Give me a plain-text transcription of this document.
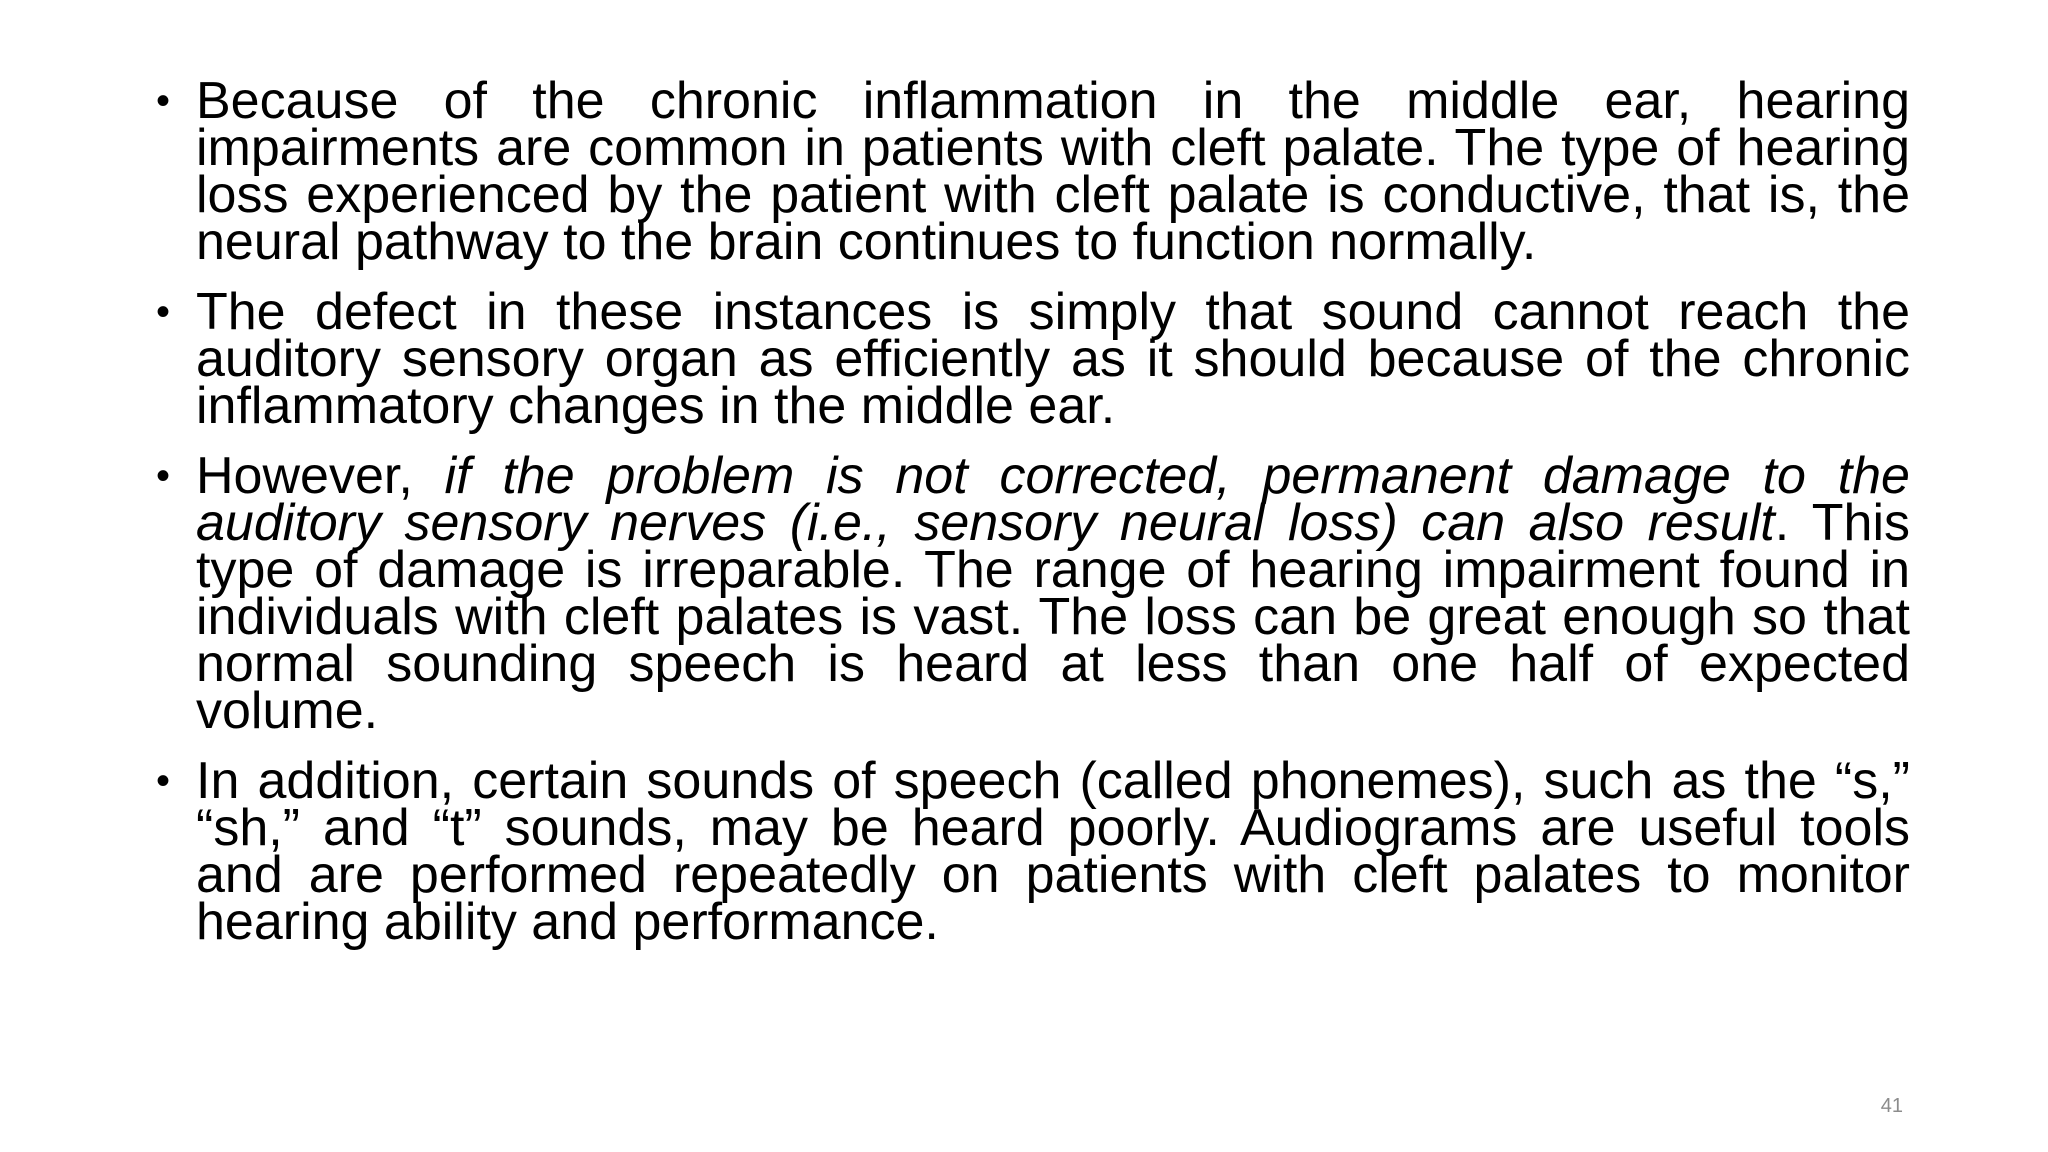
• Because of the chronic inflammation in the middle ear, hearing impairments are common in patients with cleft palate. The type of hearing loss experienced by the patient with cleft palate is conductive, that is, the neural pathway to the brain continues to function normally.
• The defect in these instances is simply that sound cannot reach the auditory sensory organ as efficiently as it should because of the chronic inflammatory changes in the middle ear.
• However, if the problem is not corrected, permanent damage to the auditory sensory nerves (i.e., sensory neural loss) can also result. This type of damage is irreparable. The range of hearing impairment found in individuals with cleft palates is vast. The loss can be great enough so that normal sounding speech is heard at less than one half of expected volume.
• In addition, certain sounds of speech (called phonemes), such as the “s,” “sh,” and “t” sounds, may be heard poorly. Audiograms are useful tools and are performed repeatedly on patients with cleft palates to monitor hearing ability and performance.
41
